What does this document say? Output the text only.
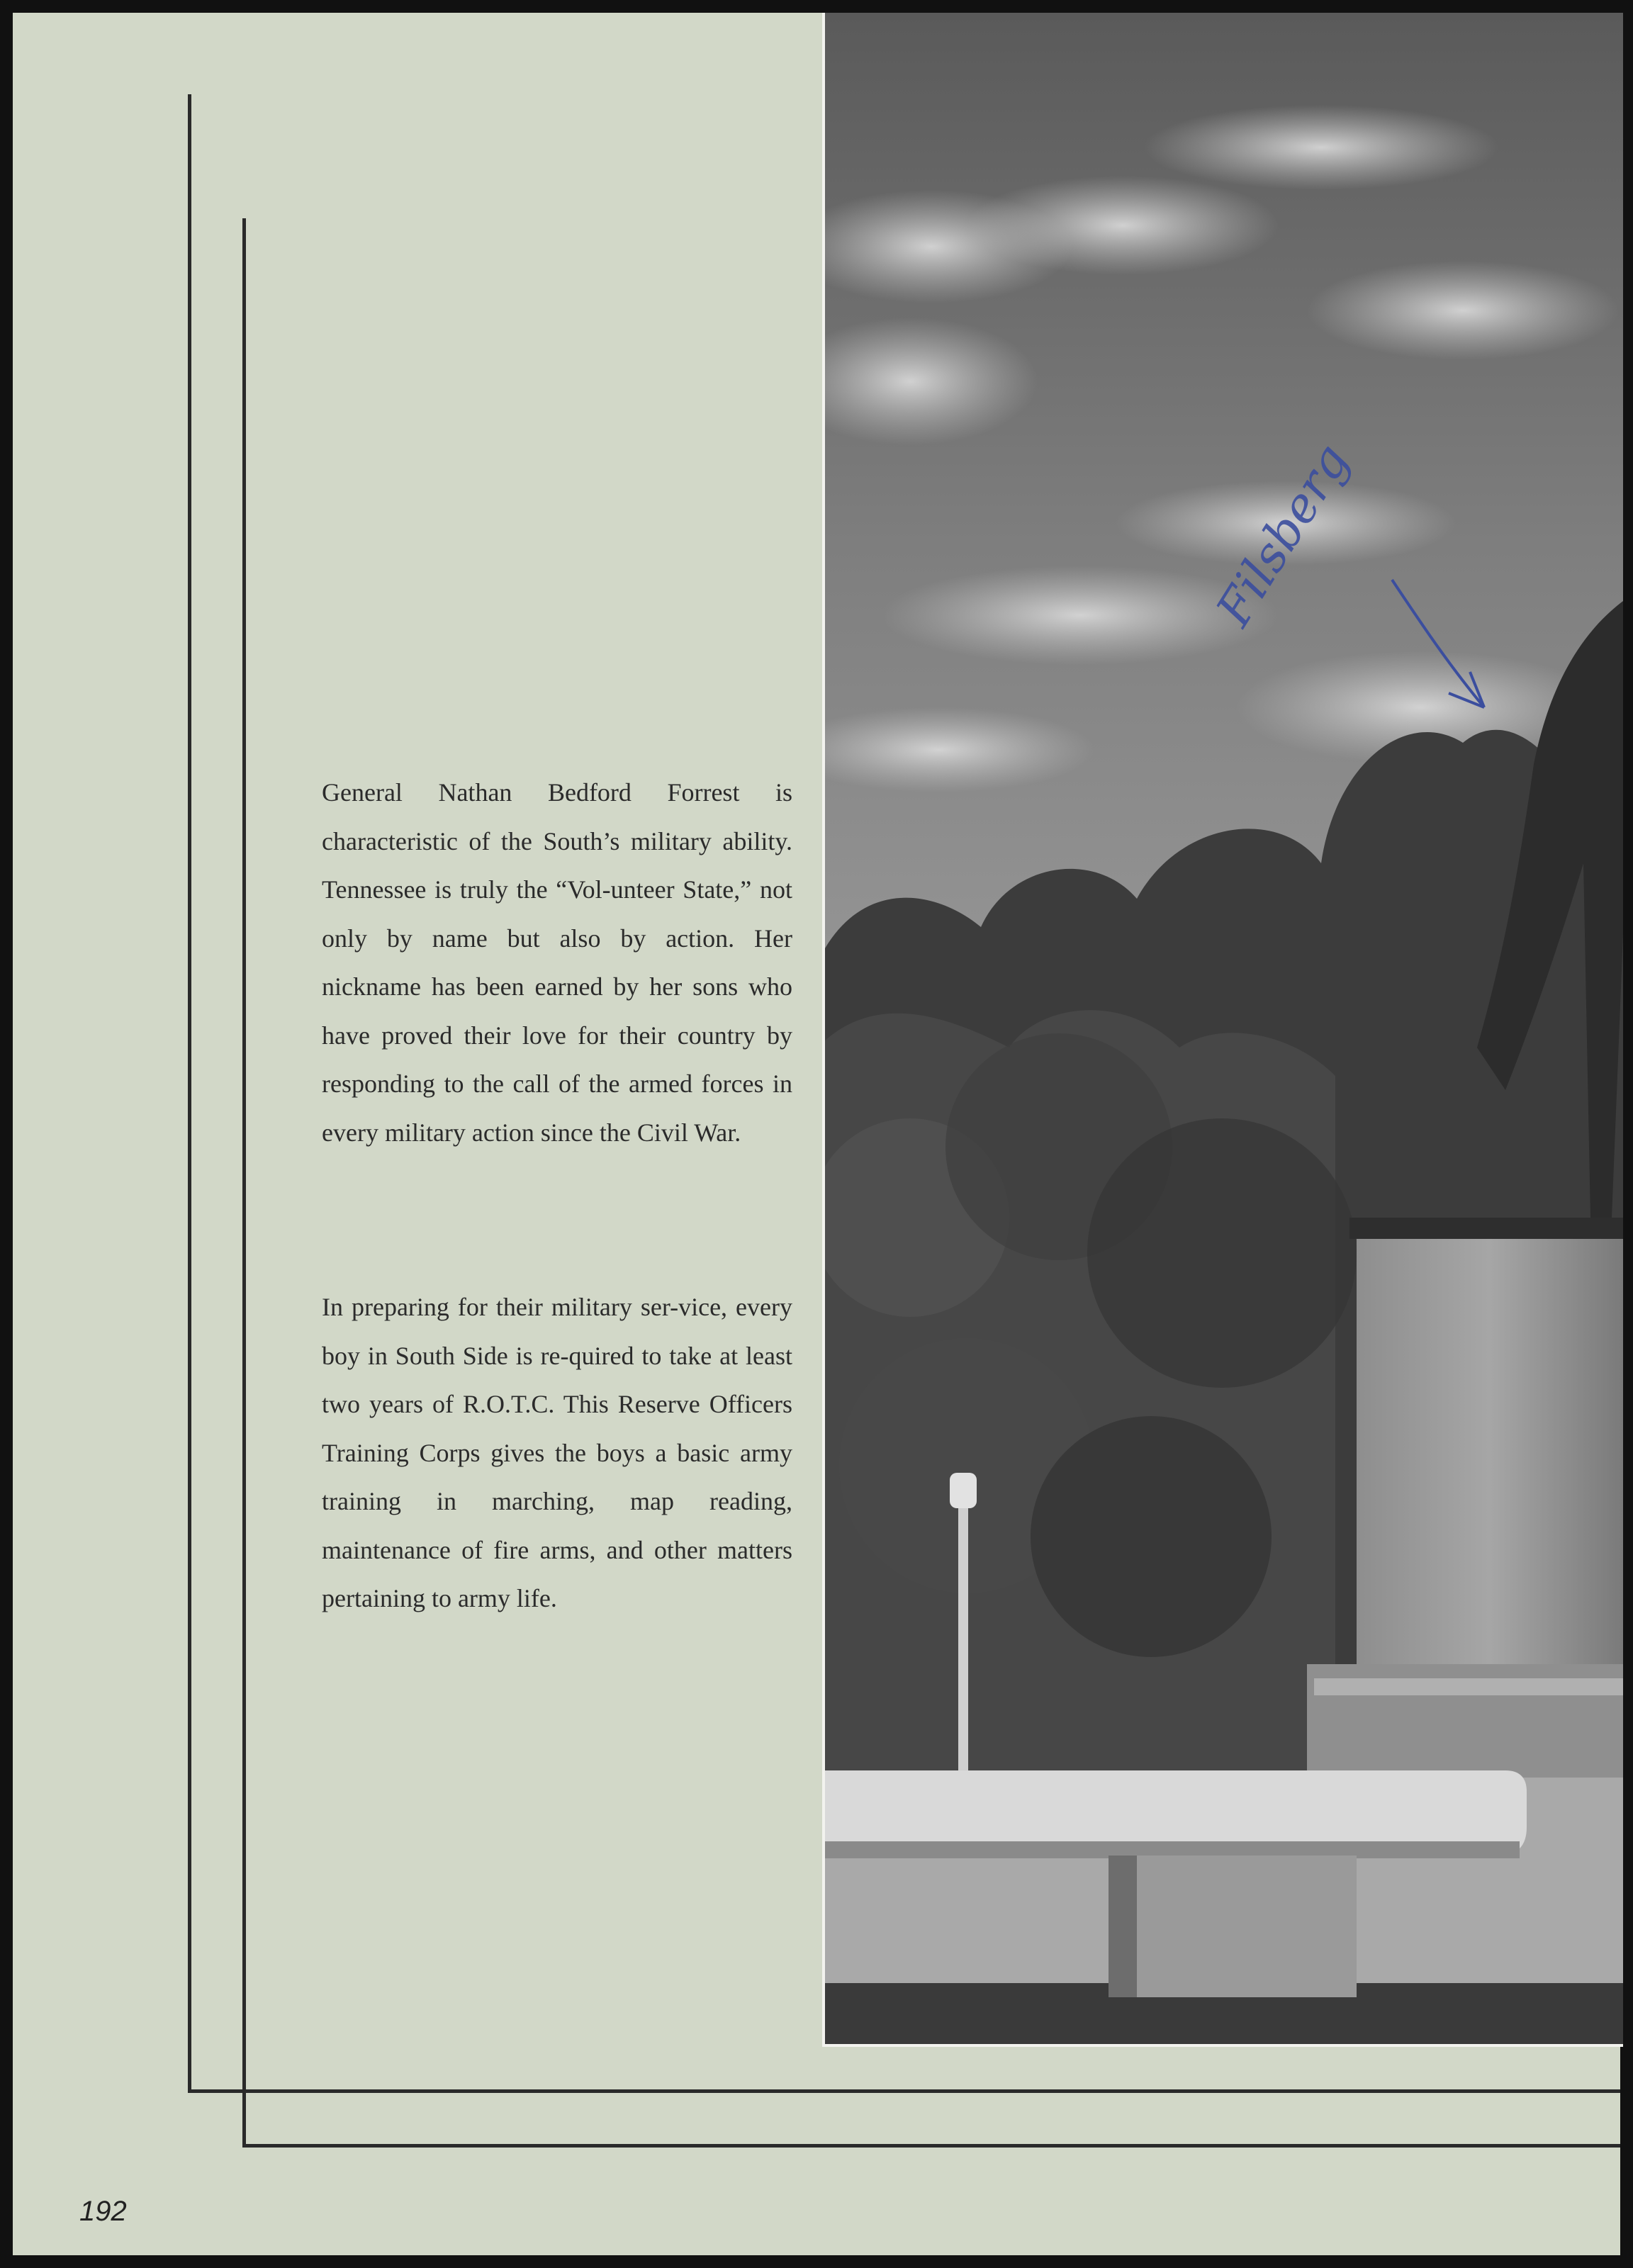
General Nathan Bedford Forrest is characteristic of the South’s military ability. Tennessee is truly the “Vol-unteer State,” not only by name but also by action. Her nickname has been earned by her sons who have proved their love for their country by responding to the call of the armed forces in every military action since the Civil War.

In preparing for their military ser-vice, every boy in South Side is re-quired to take at least two years of R.O.T.C. This Reserve Officers Training Corps gives the boys a basic army training in marching, map reading, maintenance of fire arms, and other matters pertaining to army life.

192
Filsberg
